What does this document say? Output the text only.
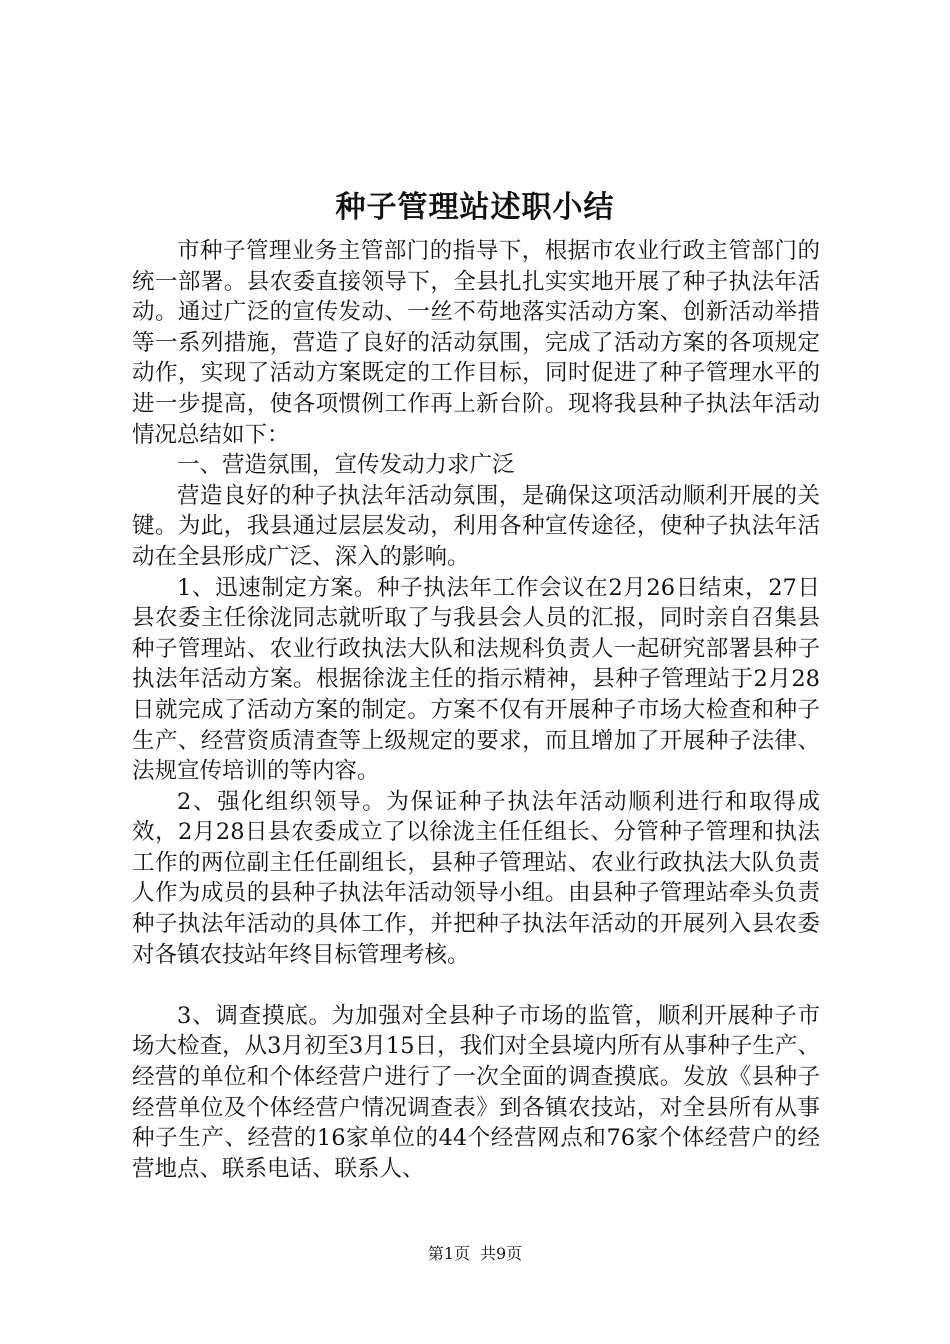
种子管理站述职小结

市种子管理业务主管部门的指导下，根据市农业行政主管部门的统一部署。县农委直接领导下，全县扎扎实实地开展了种子执法年活动。通过广泛的宣传发动、一丝不苟地落实活动方案、创新活动举措等一系列措施，营造了良好的活动氛围，完成了活动方案的各项规定动作，实现了活动方案既定的工作目标，同时促进了种子管理水平的进一步提高，使各项惯例工作再上新台阶。现将我县种子执法年活动情况总结如下：

一、营造氛围，宣传发动力求广泛

营造良好的种子执法年活动氛围，是确保这项活动顺利开展的关键。为此，我县通过层层发动，利用各种宣传途径，使种子执法年活动在全县形成广泛、深入的影响。

1、迅速制定方案。种子执法年工作会议在2月26日结束，27日县农委主任徐泷同志就听取了与我县会人员的汇报，同时亲自召集县种子管理站、农业行政执法大队和法规科负责人一起研究部署县种子执法年活动方案。根据徐泷主任的指示精神，县种子管理站于2月28日就完成了活动方案的制定。方案不仅有开展种子市场大检查和种子生产、经营资质清查等上级规定的要求，而且增加了开展种子法律、法规宣传培训的等内容。

2、强化组织领导。为保证种子执法年活动顺利进行和取得成效，2月28日县农委成立了以徐泷主任任组长、分管种子管理和执法工作的两位副主任任副组长，县种子管理站、农业行政执法大队负责人作为成员的县种子执法年活动领导小组。由县种子管理站牵头负责种子执法年活动的具体工作，并把种子执法年活动的开展列入县农委对各镇农技站年终目标管理考核。

3、调查摸底。为加强对全县种子市场的监管，顺利开展种子市场大检查，从3月初至3月15日，我们对全县境内所有从事种子生产、经营的单位和个体经营户进行了一次全面的调查摸底。发放《县种子经营单位及个体经营户情况调查表》到各镇农技站，对全县所有从事种子生产、经营的16家单位的44个经营网点和76家个体经营户的经营地点、联系电话、联系人、

第1页 共9页
